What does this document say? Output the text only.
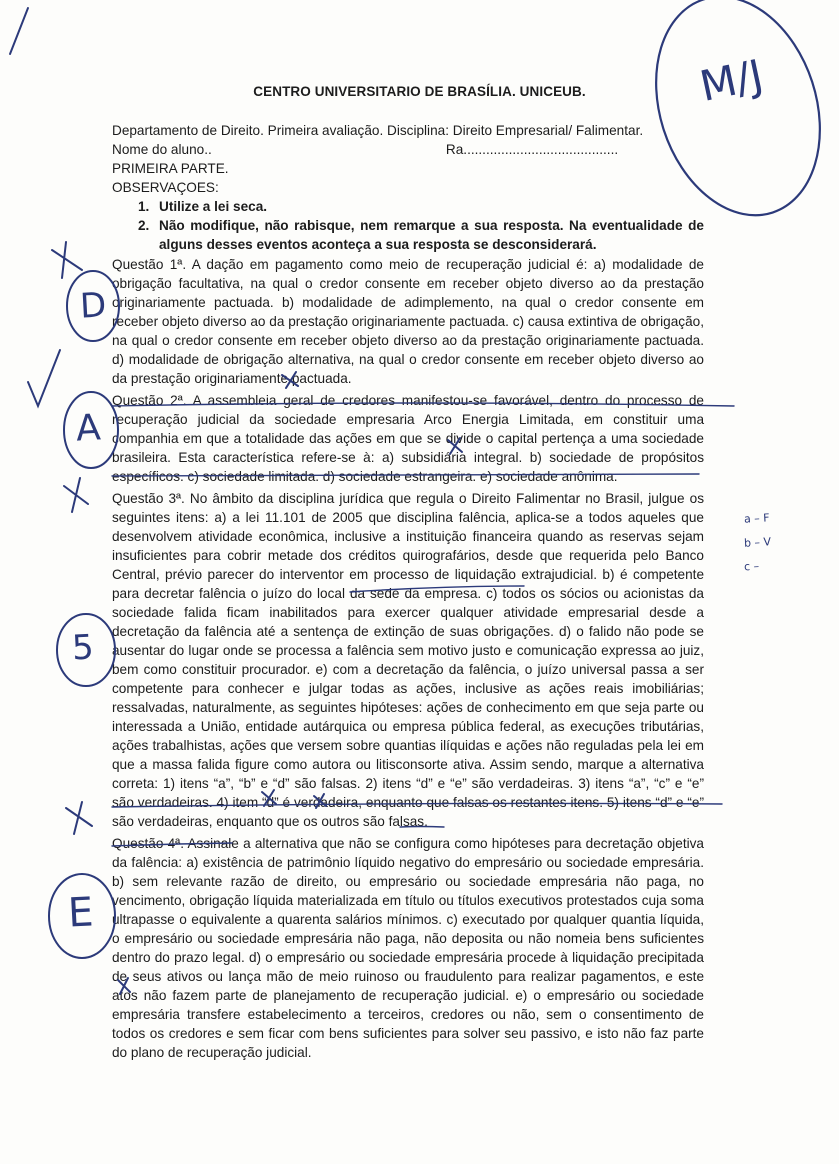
CENTRO UNIVERSITARIO DE BRASÍLIA. UNICEUB.

Departamento de Direito. Primeira avaliação. Disciplina: Direito Empresarial/ Falimentar.

Nome do aluno..                                                              Ra.........................................

PRIMEIRA PARTE.

OBSERVAÇOES:

1. Utilize a lei seca.
2. Não modifique, não rabisque, nem remarque a sua resposta. Na eventualidade de alguns desses eventos aconteça a sua resposta se desconsiderará.

Questão 1ª. A dação em pagamento como meio de recuperação judicial é: a) modalidade de obrigação facultativa, na qual o credor consente em receber objeto diverso ao da prestação originariamente pactuada. b) modalidade de adimplemento, na qual o credor consente em receber objeto diverso ao da prestação originariamente pactuada. c) causa extintiva de obrigação, na qual o credor consente em receber objeto diverso ao da prestação originariamente pactuada. d) modalidade de obrigação alternativa, na qual o credor consente em receber objeto diverso ao da prestação originariamente pactuada.

Questão 2ª. A assembleia geral de credores manifestou-se favorável, dentro do processo de recuperação judicial da sociedade empresaria Arco Energia Limitada, em constituir uma companhia em que a totalidade das ações em que se divide o capital pertença a uma sociedade brasileira. Esta característica refere-se à: a) subsidiária integral. b) sociedade de propósitos específicos. c) sociedade limitada. d) sociedade estrangeira. e) sociedade anônima.

Questão 3ª. No âmbito da disciplina jurídica que regula o Direito Falimentar no Brasil, julgue os seguintes itens: a) a lei 11.101 de 2005 que disciplina falência, aplica-se a todos aqueles que desenvolvem atividade econômica, inclusive a instituição financeira quando as reservas sejam insuficientes para cobrir metade dos créditos quirografários, desde que requerida pelo Banco Central, prévio parecer do interventor em processo de liquidação extrajudicial. b) é competente para decretar falência o juízo do local da sede da empresa. c) todos os sócios ou acionistas da sociedade falida ficam inabilitados para exercer qualquer atividade empresarial desde a decretação da falência até a sentença de extinção de suas obrigações. d) o falido não pode se ausentar do lugar onde se processa a falência sem motivo justo e comunicação expressa ao juiz, bem como constituir procurador. e) com a decretação da falência, o juízo universal passa a ser competente para conhecer e julgar todas as ações, inclusive as ações reais imobiliárias; ressalvadas, naturalmente, as seguintes hipóteses: ações de conhecimento em que seja parte ou interessada a União, entidade autárquica ou empresa pública federal, as execuções tributárias, ações trabalhistas, ações que versem sobre quantias ilíquidas e ações não reguladas pela lei em que a massa falida figure como autora ou litisconsorte ativa. Assim sendo, marque a alternativa correta: 1) itens “a”, “b” e “d” são falsas. 2) itens “d” e “e” são verdadeiras. 3) itens “a”, “c” e “e” são verdadeiras. 4) item “d” é verdadeira, enquanto que falsas os restantes itens. 5) itens “d” e “e” são verdadeiras, enquanto que os outros são falsas.

Questão 4ª. Assinale a alternativa que não se configura como hipóteses para decretação objetiva da falência: a) existência de patrimônio líquido negativo do empresário ou sociedade empresária. b) sem relevante razão de direito, ou empresário ou sociedade empresária não paga, no vencimento, obrigação líquida materializada em título ou títulos executivos protestados cuja soma ultrapasse o equivalente a quarenta salários mínimos. c) executado por qualquer quantia líquida, o empresário ou sociedade empresária não paga, não deposita ou não nomeia bens suficientes dentro do prazo legal. d) o empresário ou sociedade empresária procede à liquidação precipitada de seus ativos ou lança mão de meio ruinoso ou fraudulento para realizar pagamentos, e este atos não fazem parte de planejamento de recuperação judicial. e) o empresário ou sociedade empresária transfere estabelecimento a terceiros, credores ou não, sem o consentimento de todos os credores e sem ficar com bens suficientes para solver seu passivo, e isto não faz parte do plano de recuperação judicial.

M/J
D
A
5
E
a – F
b – V
c –
